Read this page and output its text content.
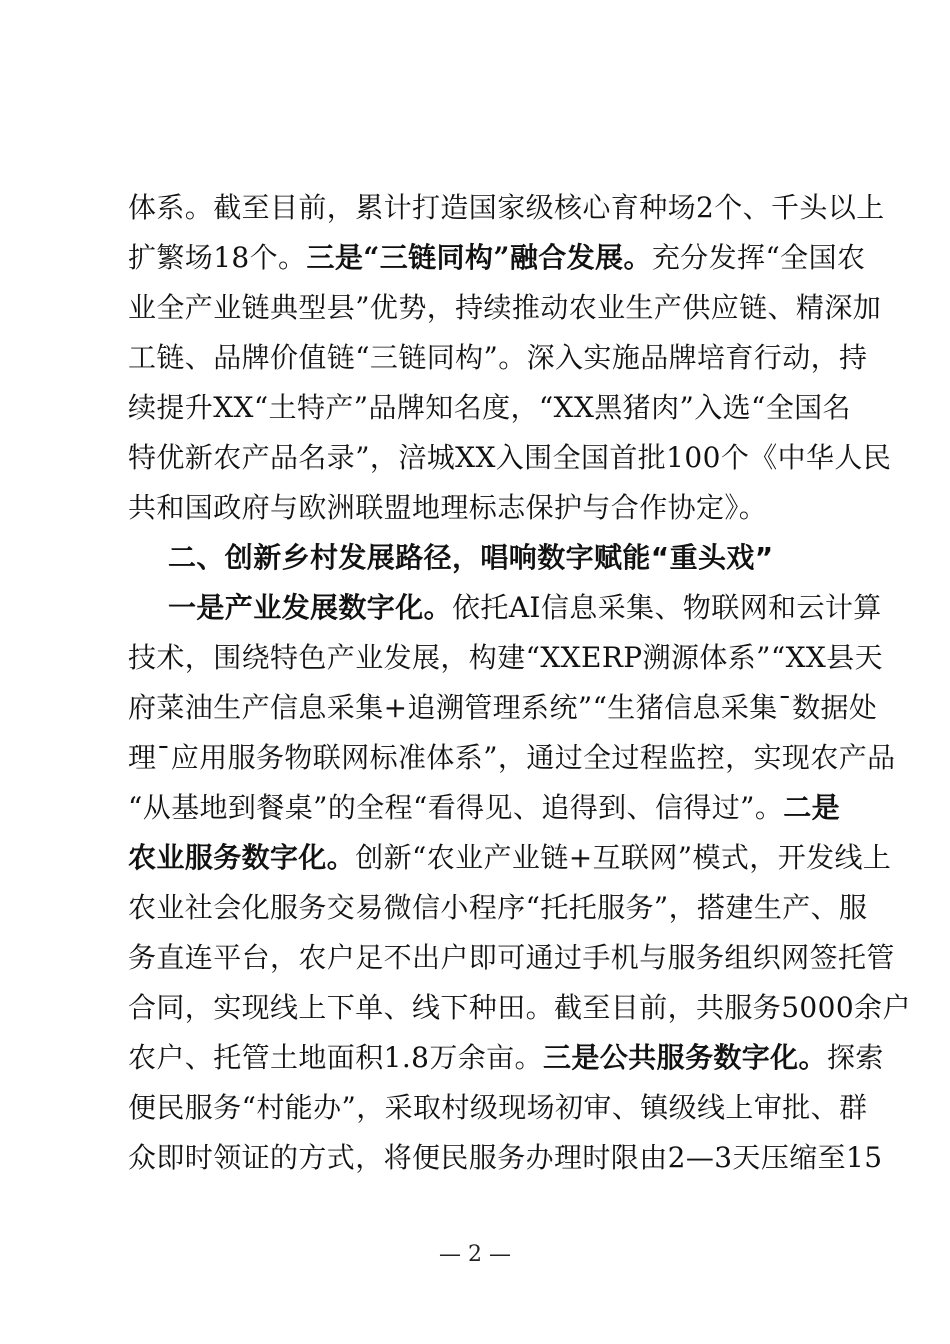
体系。截至目前，累计打造国家级核心育种场2个、千头以上
扩繁场18个。三是“三链同构”融合发展。充分发挥“全国农
业全产业链典型县”优势，持续推动农业生产供应链、精深加
工链、品牌价值链“三链同构”。深入实施品牌培育行动，持
续提升XX“土特产”品牌知名度，“XX黑猪肉”入选“全国名
特优新农产品名录”，涪城XX入围全国首批100个《中华人民
共和国政府与欧洲联盟地理标志保护与合作协定》。
二、创新乡村发展路径，唱响数字赋能“重头戏”
一是产业发展数字化。依托AI信息采集、物联网和云计算
技术，围绕特色产业发展，构建“XXERP溯源体系”“XX县天
府菜油生产信息采集+追溯管理系统”“生猪信息采集¯数据处
理¯应用服务物联网标准体系”，通过全过程监控，实现农产品
“从基地到餐桌”的全程“看得见、追得到、信得过”。二是
农业服务数字化。创新“农业产业链+互联网”模式，开发线上
农业社会化服务交易微信小程序“托托服务”，搭建生产、服
务直连平台，农户足不出户即可通过手机与服务组织网签托管
合同，实现线上下单、线下种田。截至目前，共服务5000余户
农户、托管土地面积1.8万余亩。三是公共服务数字化。探索
便民服务“村能办”，采取村级现场初审、镇级线上审批、群
众即时领证的方式，将便民服务办理时限由2—3天压缩至15
— 2 —
